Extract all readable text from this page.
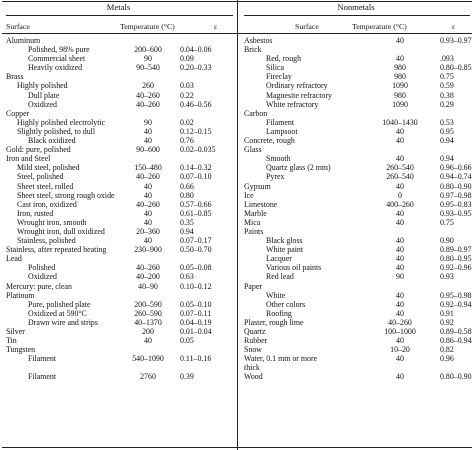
Metals	Nonmetals
Surface	Temperature (°C)	ε	Surface	Temperature (°C)	ε
Aluminum
Polished, 98% pure	200–600	0.04–0.06
Commercial sheet	90	0.09
Heavily oxidized	90–540	0.20–0.33
Brass
Highly polished	260	0.03
Dull plate	40–260	0.22
Oxidized	40–260	0.46–0.56
Copper
Highly polished electrolytic	90	0.02
Slightly polished, to dull	40	0.12–0.15
Black oxidized	40	0.76
Gold: pure, polished	90–600	0.02–0.035
Iron and Steel
Mild steel, polished	150–480	0.14–0.32
Steel, polished	40–260	0.07–0.10
Sheet steel, rolled	40	0.66
Sheet steel, strong rough oxide	40	0.80
Cast iron, oxidized	40–260	0.57–0.66
Iron, rusted	40	0.61–0.85
Wrought iron, smooth	40	0.35
Wrought iron, dull oxidized	20–360	0.94
Stainless, polished	40	0.07–0.17
Stainless, after repeated heating	230–900	0.50–0.70
Lead
Polished	40–260	0.05–0.08
Oxidized	40–200	0.63
Mercury: pure, clean	40–90	0.10–0.12
Platinum
Pure, polished plate	200–590	0.05–0.10
Oxidized at 590°C	260–590	0.07–0.11
Drawn wire and strips	40–1370	0.04–0.19
Silver	200	0.01–0.04
Tin	40	0.05
Tungsten
Filament	540–1090	0.11–0.16
Filament	2760	0.39
Asbestos	40	0.93–0.97
Brick
Red, rough	40	.093
Silica	980	0.80–0.85
Fireclay	980	0.75
Ordinary refractory	1090	0.59
Magnesite refractory	980	0.38
White refractory	1090	0.29
Carbon
Filament	1040–1430	0.53
Lampsoot	40	0.95
Concrete, rough	40	0.94
Glass
Smooth	40	0.94
Quartz glass (2 mm)	260–540	0.96–0.66
Pyrex	260–540	0.94–0.74
Gypsum	40	0.80–0.90
Ice	0	0.97–0.98
Limestone	400–260	0.95–0.83
Marble	40	0.93–0.95
Mica	40	0.75
Paints
Black gloss	40	0.90
White paint	40	0.89–0.97
Lacquer	40	0.80–0.95
Various oil paints	40	0.92–0.96
Red lead	90	0.93
Paper
White	40	0.95–0.98
Other colors	40	0.92–0.94
Roofing	40	0.91
Plaster, rough lime	40–260	0.92
Quartz	100–1000	0.89–0.58
Rubber	40	0.86–0.94
Snow	10–20	0.82
Water, 0.1 mm or more	40	0.96
thick
Wood	40	0.80–0.90
